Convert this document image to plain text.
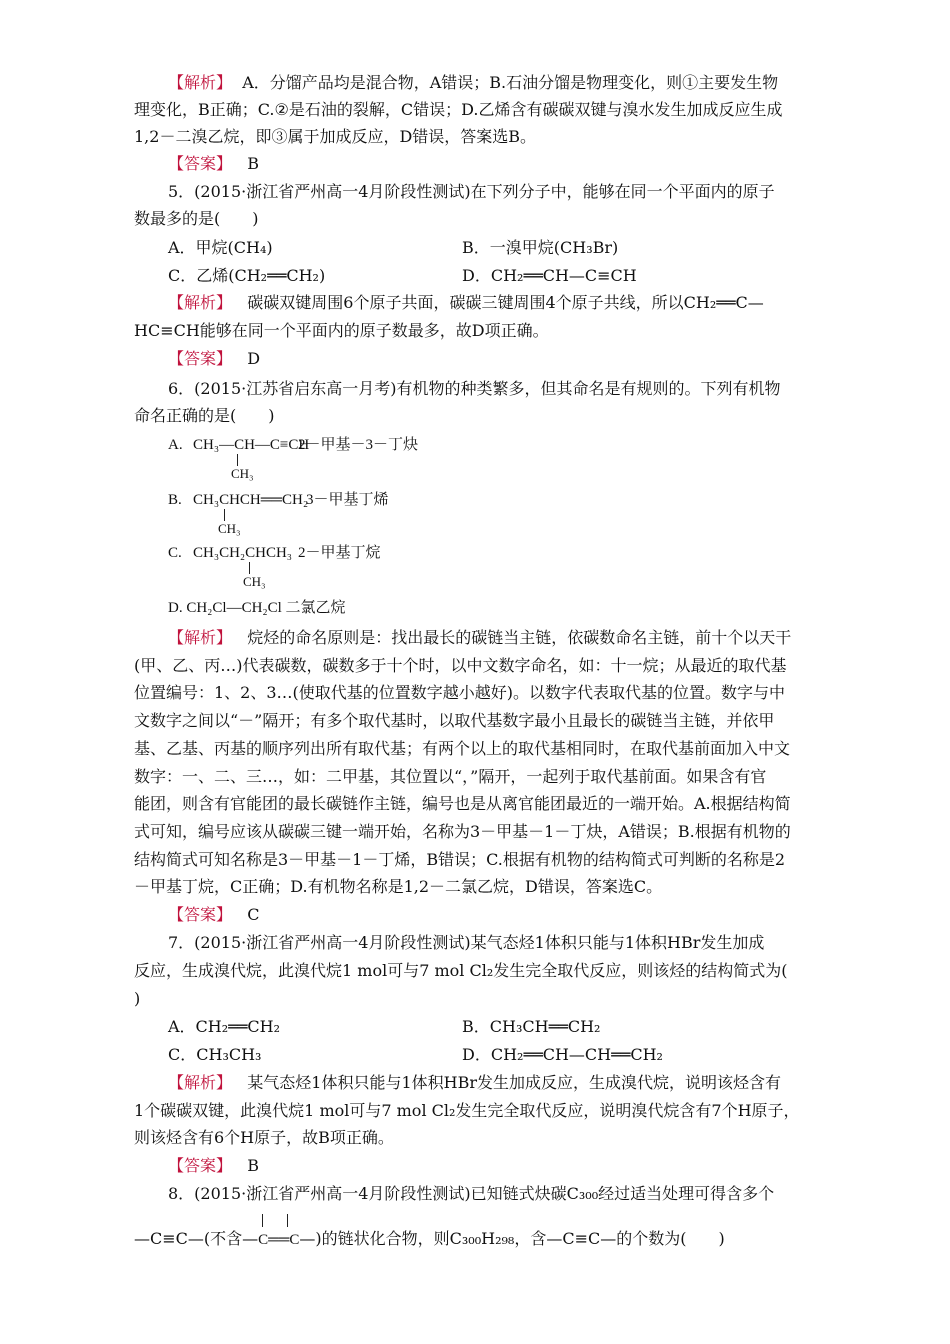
【解析】 A．分馏产品均是混合物，A错误；B.石油分馏是物理变化，则①主要发生物
理变化，B正确；C.②是石油的裂解，C错误；D.乙烯含有碳碳双键与溴水发生加成反应生成
1,2－二溴乙烷，即③属于加成反应，D错误，答案选B。
【答案】 B
5．(2015·浙江省严州高一4月阶段性测试)在下列分子中，能够在同一个平面内的原子
数最多的是(　　)
A．甲烷(CH₄)	B．一溴甲烷(CH₃Br)
C．乙烯(CH₂══CH₂)	D．CH₂══CH—C≡CH
【解析】 碳碳双键周围6个原子共面，碳碳三键周围4个原子共线，所以CH₂══C—
HC≡CH能够在同一个平面内的原子数最多，故D项正确。
【答案】 D
6．(2015·江苏省启东高一月考)有机物的种类繁多，但其命名是有规则的。下列有机物
命名正确的是(　　)
A. CH₃—CH—C≡CH
2－甲基－3－丁炔
CH₃
B. CH₃CHCH══CH₂
3－甲基丁烯
CH₃
C. CH₃CH₂CHCH₃ 2－甲基丁烷
CH₃
D. CH₂Cl—CH₂Cl 二氯乙烷
【解析】 烷烃的命名原则是：找出最长的碳链当主链，依碳数命名主链，前十个以天干
(甲、乙、丙…)代表碳数，碳数多于十个时，以中文数字命名，如：十一烷；从最近的取代基
位置编号：1、2、3…(使取代基的位置数字越小越好)。以数字代表取代基的位置。数字与中
文数字之间以“－”隔开；有多个取代基时，以取代基数字最小且最长的碳链当主链，并依甲
基、乙基、丙基的顺序列出所有取代基；有两个以上的取代基相同时，在取代基前面加入中文
数字：一、二、三…，如：二甲基，其位置以“，”隔开，一起列于取代基前面。如果含有官
能团，则含有官能团的最长碳链作主链，编号也是从离官能团最近的一端开始。A.根据结构简
式可知，编号应该从碳碳三键一端开始，名称为3－甲基－1－丁炔，A错误；B.根据有机物的
结构简式可知名称是3－甲基－1－丁烯，B错误；C.根据有机物的结构简式可判断的名称是2
－甲基丁烷，C正确；D.有机物名称是1,2－二氯乙烷，D错误，答案选C。
【答案】 C
7．(2015·浙江省严州高一4月阶段性测试)某气态烃1体积只能与1体积HBr发生加成
反应，生成溴代烷，此溴代烷1 mol可与7 mol Cl₂发生完全取代反应，则该烃的结构简式为(
)
A．CH₂══CH₂	B．CH₃CH══CH₂
C．CH₃CH₃	D．CH₂══CH—CH══CH₂
【解析】 某气态烃1体积只能与1体积HBr发生加成反应，生成溴代烷，说明该烃含有
1个碳碳双键，此溴代烷1 mol可与7 mol Cl₂发生完全取代反应，说明溴代烷含有7个H原子，
则该烃含有6个H原子，故B项正确。
【答案】 B
8．(2015·浙江省严州高一4月阶段性测试)已知链式炔碳C₃₀₀经过适当处理可得含多个
—C≡C—(不含—C══C—)的链状化合物，则C₃₀₀H₂₉₈，含—C≡C—的个数为(　　)
